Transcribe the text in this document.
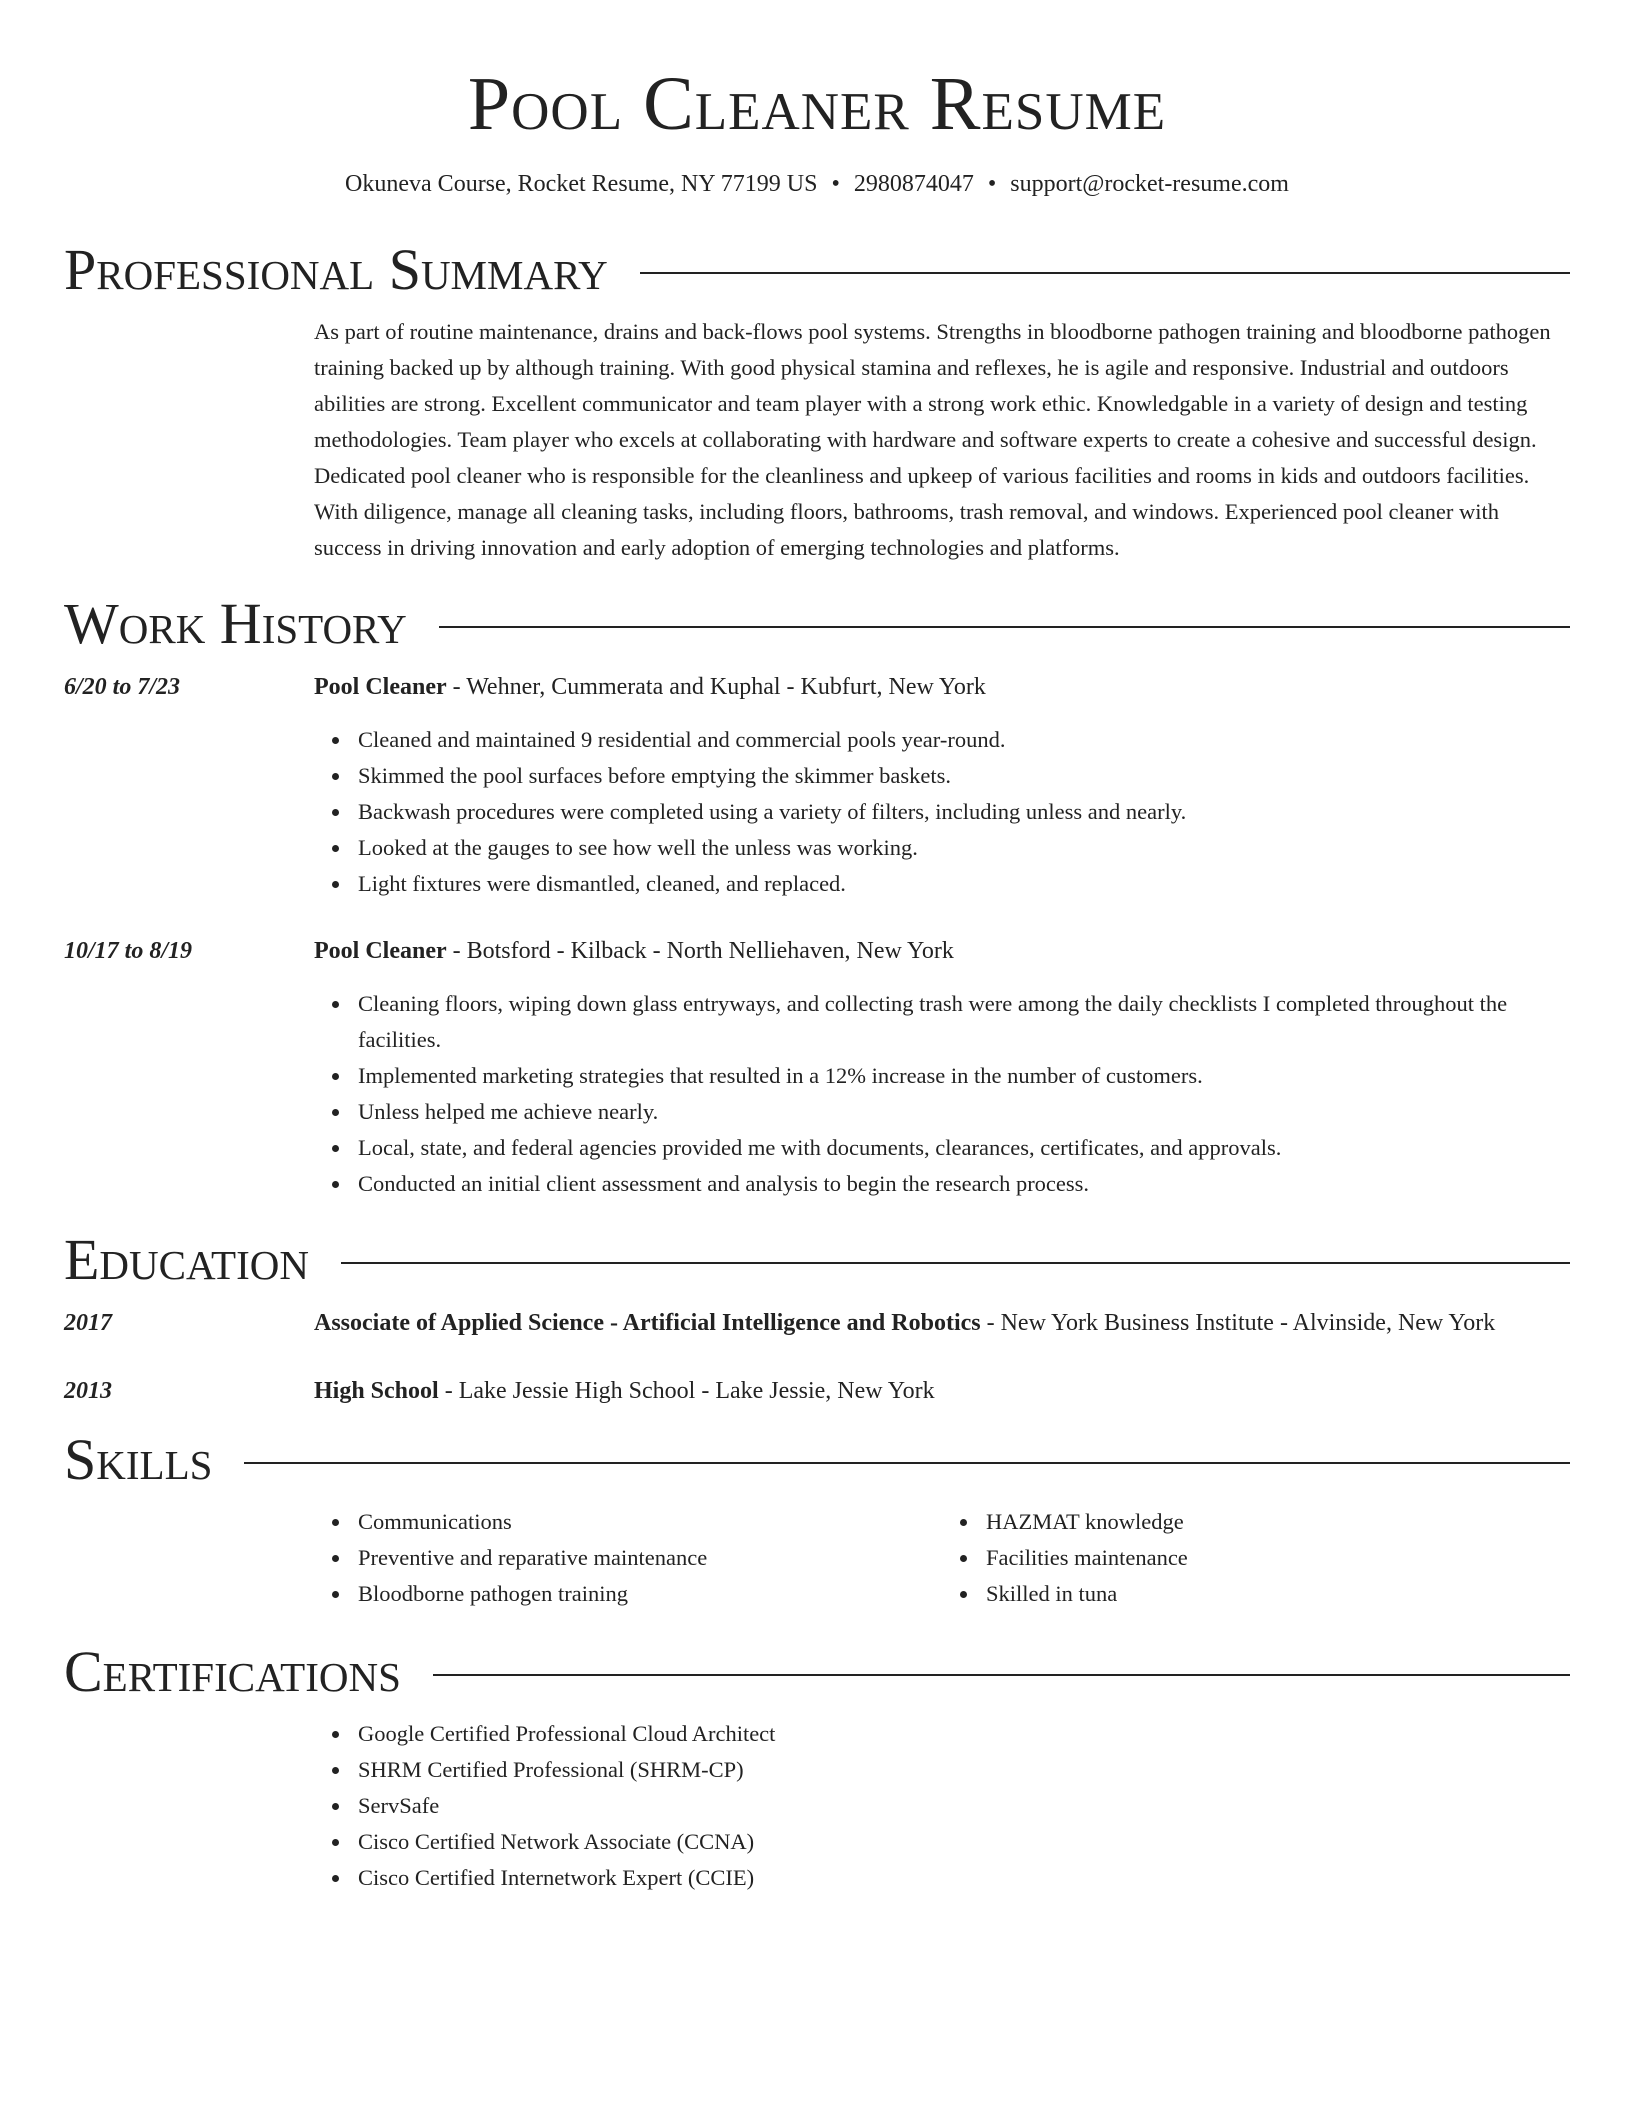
Pool Cleaner Resume
Okuneva Course, Rocket Resume, NY 77199 US • 2980874047 • support@rocket-resume.com
Professional Summary
As part of routine maintenance, drains and back-flows pool systems. Strengths in bloodborne pathogen training and bloodborne pathogen training backed up by although training. With good physical stamina and reflexes, he is agile and responsive. Industrial and outdoors abilities are strong. Excellent communicator and team player with a strong work ethic. Knowledgable in a variety of design and testing methodologies. Team player who excels at collaborating with hardware and software experts to create a cohesive and successful design. Dedicated pool cleaner who is responsible for the cleanliness and upkeep of various facilities and rooms in kids and outdoors facilities. With diligence, manage all cleaning tasks, including floors, bathrooms, trash removal, and windows. Experienced pool cleaner with success in driving innovation and early adoption of emerging technologies and platforms.
Work History
6/20 to 7/23	Pool Cleaner - Wehner, Cummerata and Kuphal - Kubfurt, New York
Cleaned and maintained 9 residential and commercial pools year-round.
Skimmed the pool surfaces before emptying the skimmer baskets.
Backwash procedures were completed using a variety of filters, including unless and nearly.
Looked at the gauges to see how well the unless was working.
Light fixtures were dismantled, cleaned, and replaced.
10/17 to 8/19	Pool Cleaner - Botsford - Kilback - North Nelliehaven, New York
Cleaning floors, wiping down glass entryways, and collecting trash were among the daily checklists I completed throughout the facilities.
Implemented marketing strategies that resulted in a 12% increase in the number of customers.
Unless helped me achieve nearly.
Local, state, and federal agencies provided me with documents, clearances, certificates, and approvals.
Conducted an initial client assessment and analysis to begin the research process.
Education
2017	Associate of Applied Science - Artificial Intelligence and Robotics - New York Business Institute - Alvinside, New York
2013	High School - Lake Jessie High School - Lake Jessie, New York
Skills
Communications
Preventive and reparative maintenance
Bloodborne pathogen training
HAZMAT knowledge
Facilities maintenance
Skilled in tuna
Certifications
Google Certified Professional Cloud Architect
SHRM Certified Professional (SHRM-CP)
ServSafe
Cisco Certified Network Associate (CCNA)
Cisco Certified Internetwork Expert (CCIE)
